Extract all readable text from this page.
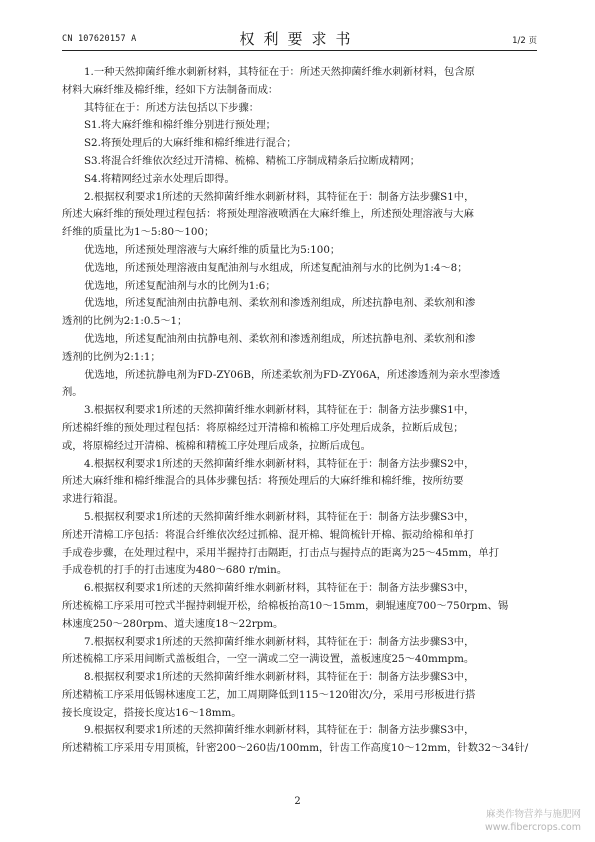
CN 107620157 A	权利要求书	1/2 页
1.一种天然抑菌纤维水刺新材料，其特征在于：所述天然抑菌纤维水刺新材料，包含原
材料大麻纤维及棉纤维，经如下方法制备而成：
其特征在于：所述方法包括以下步骤：
S1.将大麻纤维和棉纤维分别进行预处理；
S2.将预处理后的大麻纤维和棉纤维进行混合；
S3.将混合纤维依次经过开清棉、梳棉、精梳工序制成精条后拉断成精网；
S4.将精网经过亲水处理后即得。
2.根据权利要求1所述的天然抑菌纤维水刺新材料，其特征在于：制备方法步骤S1中，
所述大麻纤维的预处理过程包括：将预处理溶液喷洒在大麻纤维上，所述预处理溶液与大麻
纤维的质量比为1～5:80～100；
优选地，所述预处理溶液与大麻纤维的质量比为5:100；
优选地，所述预处理溶液由复配油剂与水组成，所述复配油剂与水的比例为1:4～8；
优选地，所述复配油剂与水的比例为1:6；
优选地，所述复配油剂由抗静电剂、柔软剂和渗透剂组成，所述抗静电剂、柔软剂和渗
透剂的比例为2:1:0.5～1；
优选地，所述复配油剂由抗静电剂、柔软剂和渗透剂组成，所述抗静电剂、柔软剂和渗
透剂的比例为2:1:1；
优选地，所述抗静电剂为FD-ZY06B，所述柔软剂为FD-ZY06A，所述渗透剂为亲水型渗透
剂。
3.根据权利要求1所述的天然抑菌纤维水刺新材料，其特征在于：制备方法步骤S1中，
所述棉纤维的预处理过程包括：将原棉经过开清棉和梳棉工序处理后成条，拉断后成包；
或，将原棉经过开清棉、梳棉和精梳工序处理后成条，拉断后成包。
4.根据权利要求1所述的天然抑菌纤维水刺新材料，其特征在于：制备方法步骤S2中，
所述大麻纤维和棉纤维混合的具体步骤包括：将预处理后的大麻纤维和棉纤维，按所纺要
求进行箱混。
5.根据权利要求1所述的天然抑菌纤维水刺新材料，其特征在于：制备方法步骤S3中，
所述开清棉工序包括：将混合纤维依次经过抓棉、混开棉、辊筒梳针开棉、振动给棉和单打
手成卷步骤，在处理过程中，采用半握持打击隔距，打击点与握持点的距离为25～45mm，单打
手成卷机的打手的打击速度为480～680 r/min。
6.根据权利要求1所述的天然抑菌纤维水刺新材料，其特征在于：制备方法步骤S3中，
所述梳棉工序采用可控式半握持刺辊开松，给棉板抬高10～15mm，刺辊速度700～750rpm、锡
林速度250～280rpm、道夫速度18～22rpm。
7.根据权利要求1所述的天然抑菌纤维水刺新材料，其特征在于：制备方法步骤S3中，
所述梳棉工序采用间断式盖板组合，一空一满或二空一满设置，盖板速度25～40mmpm。
8.根据权利要求1所述的天然抑菌纤维水刺新材料，其特征在于：制备方法步骤S3中，
所述精梳工序采用低锡林速度工艺，加工周期降低到115～120钳次/分，采用弓形板进行搭
接长度设定，搭接长度达16～18mm。
9.根据权利要求1所述的天然抑菌纤维水刺新材料，其特征在于：制备方法步骤S3中，
所述精梳工序采用专用顶梳，针密200～260齿/100mm，针齿工作高度10～12mm，针数32～34针/
2
麻类作物营养与施肥网
www.fibercrops.com
